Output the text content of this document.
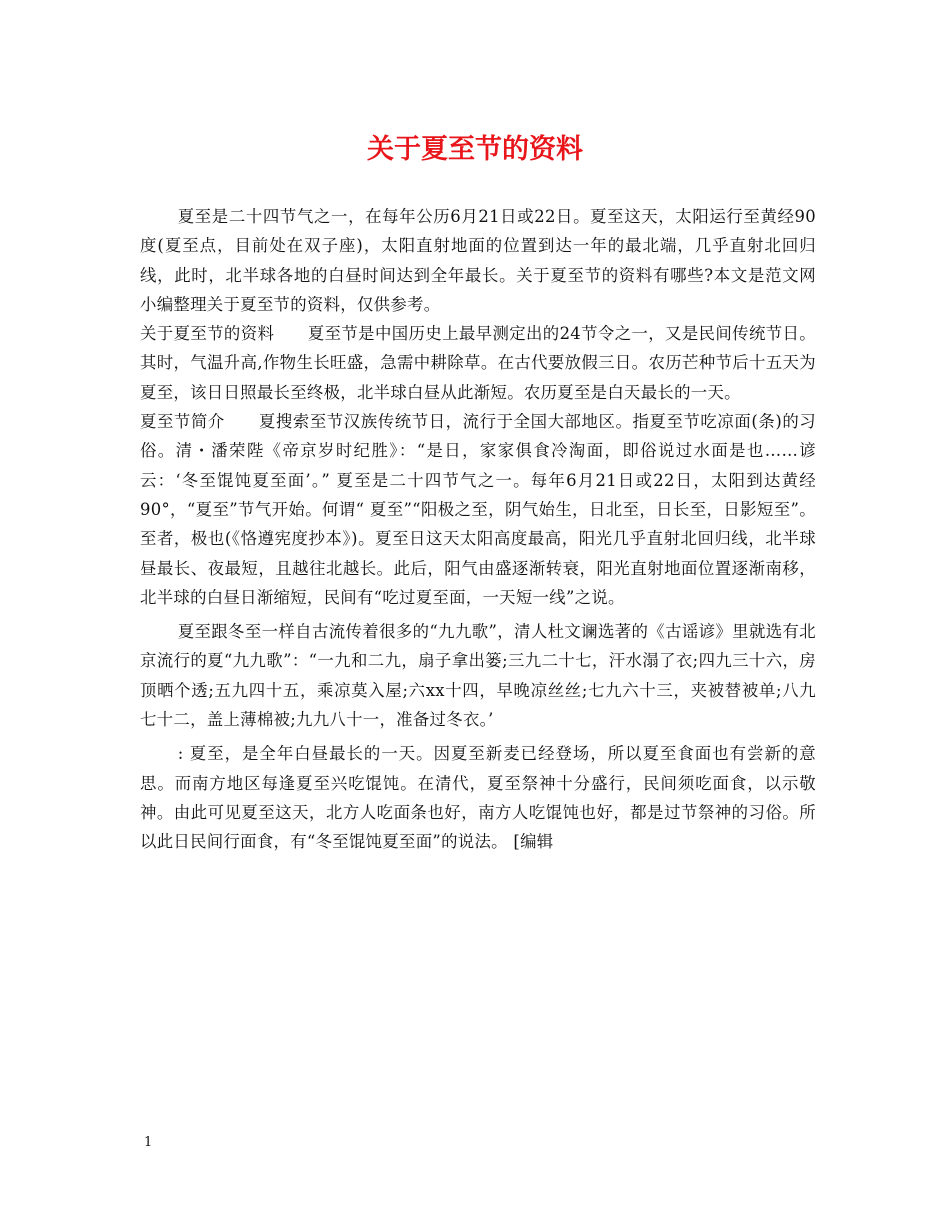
关于夏至节的资料

夏至是二十四节气之一，在每年公历6月21日或22日。夏至这天，太阳运行至黄经90度(夏至点，目前处在双子座)，太阳直射地面的位置到达一年的最北端，几乎直射北回归线，此时，北半球各地的白昼时间达到全年最长。关于夏至节的资料有哪些?本文是范文网小编整理关于夏至节的资料，仅供参考。

关于夏至节的资料　　夏至节是中国历史上最早测定出的24节令之一，又是民间传统节日。其时，气温升高,作物生长旺盛，急需中耕除草。在古代要放假三日。农历芒种节后十五天为夏至，该日日照最长至终极，北半球白昼从此渐短。农历夏至是白天最长的一天。

夏至节简介　　夏搜索至节汉族传统节日，流行于全国大部地区。指夏至节吃凉面(条)的习俗。清・潘荣陛《帝京岁时纪胜》：“是日，家家俱食冷淘面，即俗说过水面是也……谚云：‘冬至馄饨夏至面’。” 夏至是二十四节气之一。每年6月21日或22日，太阳到达黄经90°，“夏至”节气开始。何谓“ 夏至”“阳极之至，阴气始生，日北至，日长至，日影短至”。至者，极也(《恪遵宪度抄本》)。夏至日这天太阳高度最高，阳光几乎直射北回归线，北半球昼最长、夜最短，且越往北越长。此后，阳气由盛逐渐转衰，阳光直射地面位置逐渐南移，北半球的白昼日渐缩短，民间有“吃过夏至面，一天短一线”之说。

夏至跟冬至一样自古流传着很多的“九九歌”，清人杜文谰选著的《古谣谚》里就选有北京流行的夏“九九歌”：“一九和二九，扇子拿出篓;三九二十七，汗水溻了衣;四九三十六，房顶晒个透;五九四十五，乘凉莫入屋;六xx十四，早晚凉丝丝;七九六十三，夹被替被单;八九七十二，盖上薄棉被;九九八十一，准备过冬衣。’

: 夏至，是全年白昼最长的一天。因夏至新麦已经登场，所以夏至食面也有尝新的意思。而南方地区每逢夏至兴吃馄饨。在清代，夏至祭神十分盛行，民间须吃面食，以示敬神。由此可见夏至这天，北方人吃面条也好，南方人吃馄饨也好，都是过节祭神的习俗。所以此日民间行面食，有“冬至馄饨夏至面”的说法。 [编辑

1
